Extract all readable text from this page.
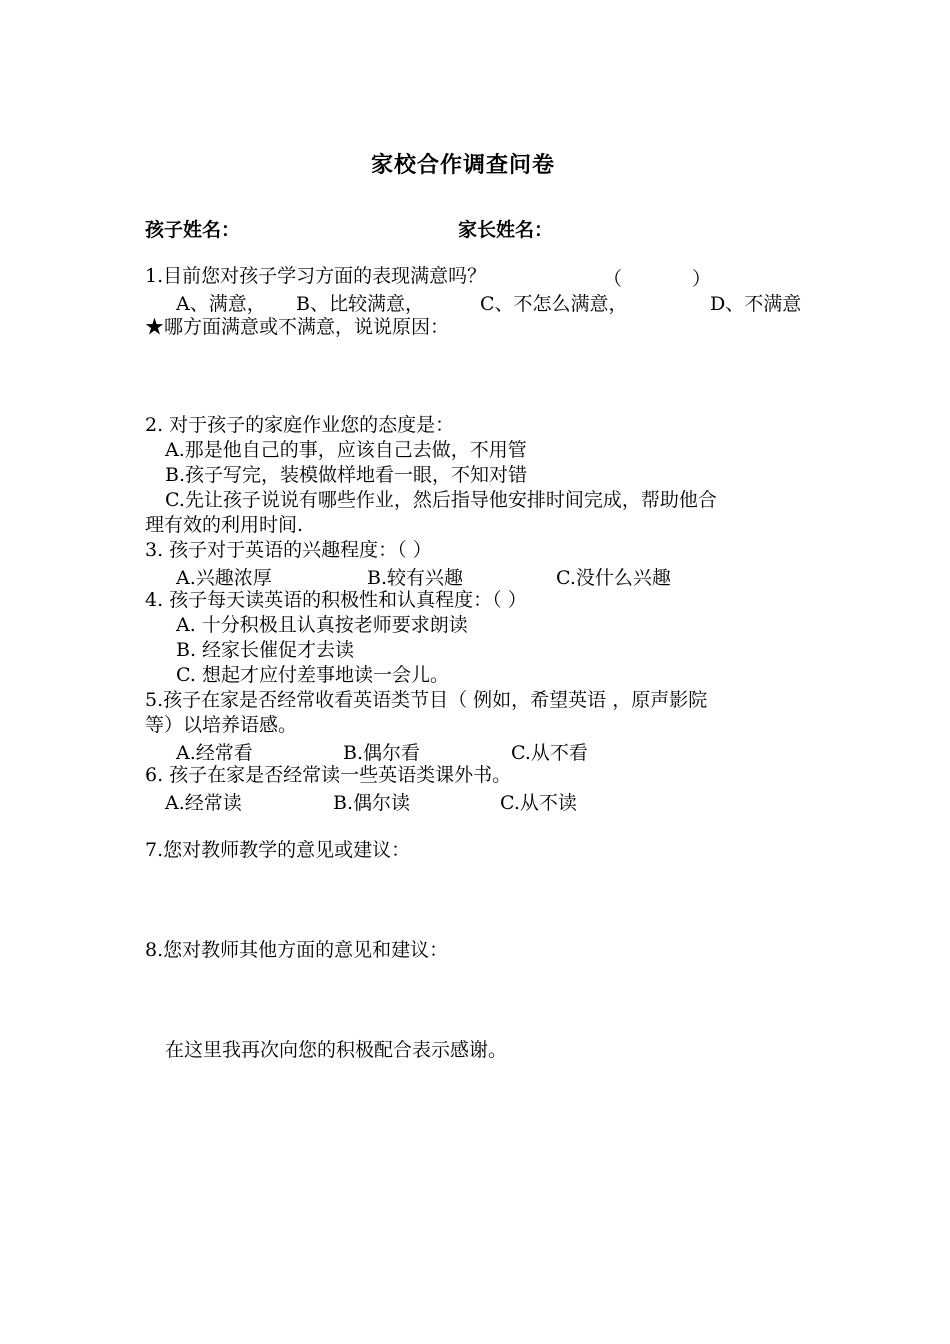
家校合作调查问卷
孩子姓名：	家长姓名：
1.目前您对孩子学习方面的表现满意吗？	（	）
A、满意， B、比较满意，	C、不怎么满意，	D、不满意
★哪方面满意或不满意，说说原因：
2. 对于孩子的家庭作业您的态度是：
A.那是他自己的事，应该自己去做，不用管
B.孩子写完，装模做样地看一眼，不知对错
C.先让孩子说说有哪些作业，然后指导他安排时间完成，帮助他合
理有效的利用时间.
3. 孩子对于英语的兴趣程度：（ ）
A.兴趣浓厚	B.较有兴趣	C.没什么兴趣
4. 孩子每天读英语的积极性和认真程度：（ ）
A. 十分积极且认真按老师要求朗读
B. 经家长催促才去读
C. 想起才应付差事地读一会儿。
5.孩子在家是否经常收看英语类节目（ 例如，希望英语 ，原声影院
等）以培养语感。
A.经常看	B.偶尔看	C.从不看
6. 孩子在家是否经常读一些英语类课外书。
A.经常读	B.偶尔读	C.从不读
7.您对教师教学的意见或建议：
8.您对教师其他方面的意见和建议：
在这里我再次向您的积极配合表示感谢。
